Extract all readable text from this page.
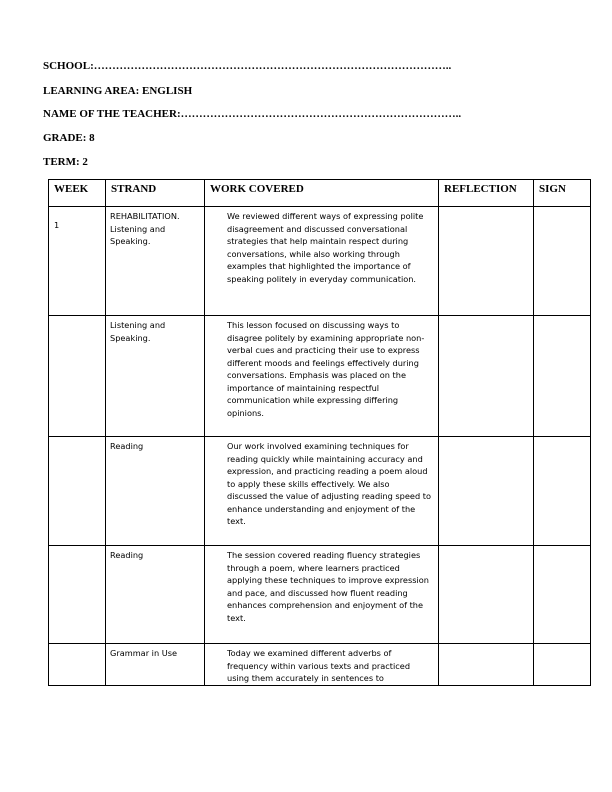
SCHOOL:……………………………………………………………………………………..
LEARNING AREA: ENGLISH
NAME OF THE TEACHER:…………………………………………………………………..
GRADE: 8
TERM: 2
WEEK	STRAND	WORK COVERED	REFLECTION	SIGN

1	REHABILITATION. Listening and Speaking.	We reviewed different ways of expressing polite disagreement and discussed conversational strategies that help maintain respect during conversations, while also working through examples that highlighted the importance of speaking politely in everyday communication.		

	Listening and Speaking.	This lesson focused on discussing ways to disagree politely by examining appropriate non-verbal cues and practicing their use to express different moods and feelings effectively during conversations. Emphasis was placed on the importance of maintaining respectful communication while expressing differing opinions.		

	Reading	Our work involved examining techniques for reading quickly while maintaining accuracy and expression, and practicing reading a poem aloud to apply these skills effectively. We also discussed the value of adjusting reading speed to enhance understanding and enjoyment of the text.		

	Reading	The session covered reading fluency strategies through a poem, where learners practiced applying these techniques to improve expression and pace, and discussed how fluent reading enhances comprehension and enjoyment of the text.		

	Grammar in Use	Today we examined different adverbs of frequency within various texts and practiced using them accurately in sentences to		
